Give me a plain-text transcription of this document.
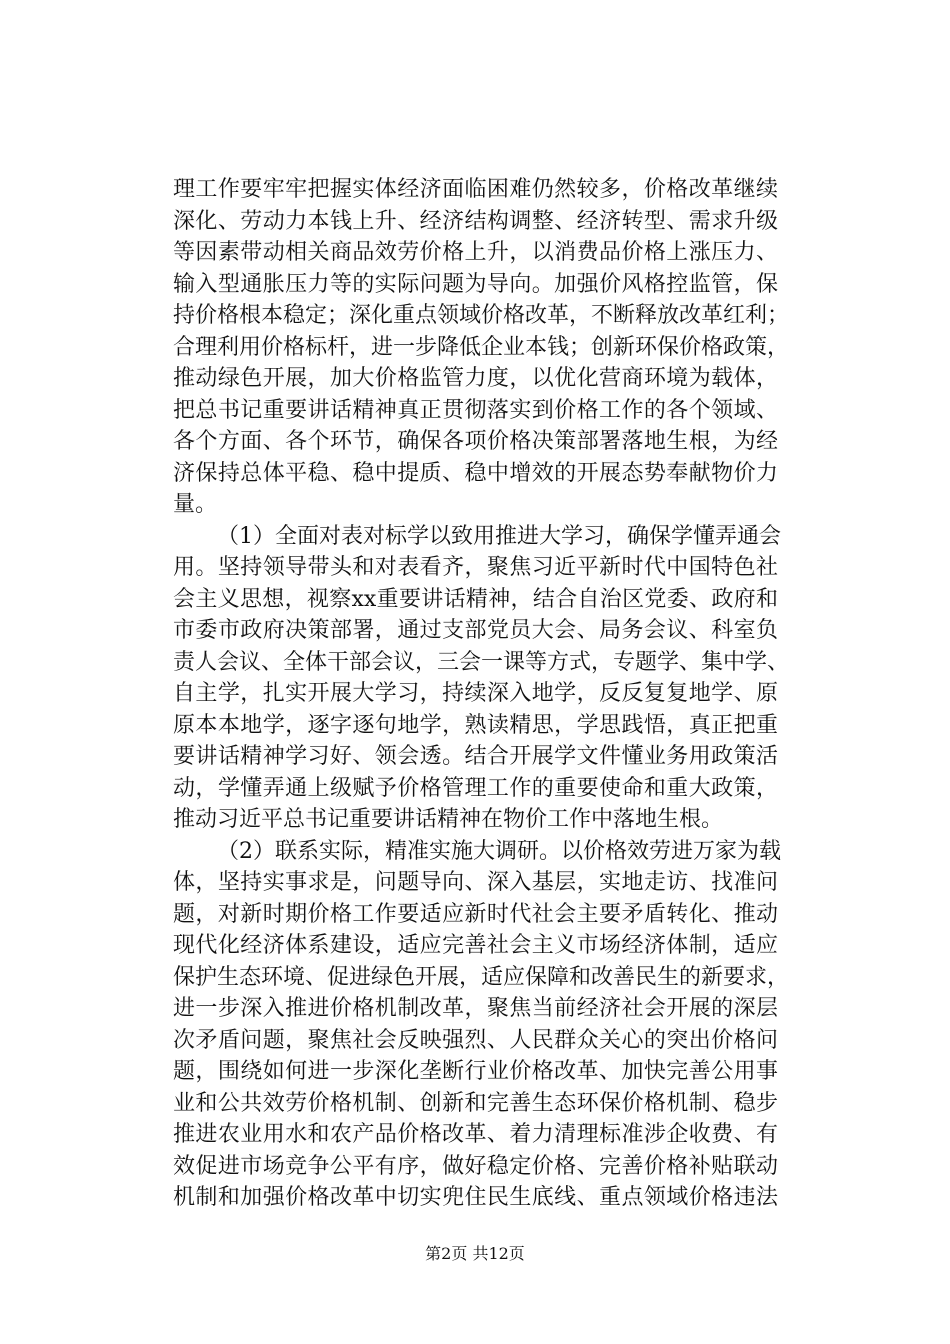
理工作要牢牢把握实体经济面临困难仍然较多，价格改革继续
深化、劳动力本钱上升、经济结构调整、经济转型、需求升级
等因素带动相关商品效劳价格上升，以消费品价格上涨压力、
输入型通胀压力等的实际问题为导向。加强价风格控监管，保
持价格根本稳定；深化重点领域价格改革，不断释放改革红利；
合理利用价格标杆，进一步降低企业本钱；创新环保价格政策，
推动绿色开展，加大价格监管力度，以优化营商环境为载体，
把总书记重要讲话精神真正贯彻落实到价格工作的各个领域、
各个方面、各个环节，确保各项价格决策部署落地生根，为经
济保持总体平稳、稳中提质、稳中增效的开展态势奉献物价力
量。
（1）全面对表对标学以致用推进大学习，确保学懂弄通会
用。坚持领导带头和对表看齐，聚焦习近平新时代中国特色社
会主义思想，视察xx重要讲话精神，结合自治区党委、政府和
市委市政府决策部署，通过支部党员大会、局务会议、科室负
责人会议、全体干部会议，三会一课等方式，专题学、集中学、
自主学，扎实开展大学习，持续深入地学，反反复复地学、原
原本本地学，逐字逐句地学，熟读精思，学思践悟，真正把重
要讲话精神学习好、领会透。结合开展学文件懂业务用政策活
动，学懂弄通上级赋予价格管理工作的重要使命和重大政策，
推动习近平总书记重要讲话精神在物价工作中落地生根。
（2）联系实际，精准实施大调研。以价格效劳进万家为载
体，坚持实事求是，问题导向、深入基层，实地走访、找准问
题，对新时期价格工作要适应新时代社会主要矛盾转化、推动
现代化经济体系建设，适应完善社会主义市场经济体制，适应
保护生态环境、促进绿色开展，适应保障和改善民生的新要求，
进一步深入推进价格机制改革，聚焦当前经济社会开展的深层
次矛盾问题，聚焦社会反映强烈、人民群众关心的突出价格问
题，围绕如何进一步深化垄断行业价格改革、加快完善公用事
业和公共效劳价格机制、创新和完善生态环保价格机制、稳步
推进农业用水和农产品价格改革、着力清理标准涉企收费、有
效促进市场竞争公平有序，做好稳定价格、完善价格补贴联动
机制和加强价格改革中切实兜住民生底线、重点领域价格违法
第2页 共12页
